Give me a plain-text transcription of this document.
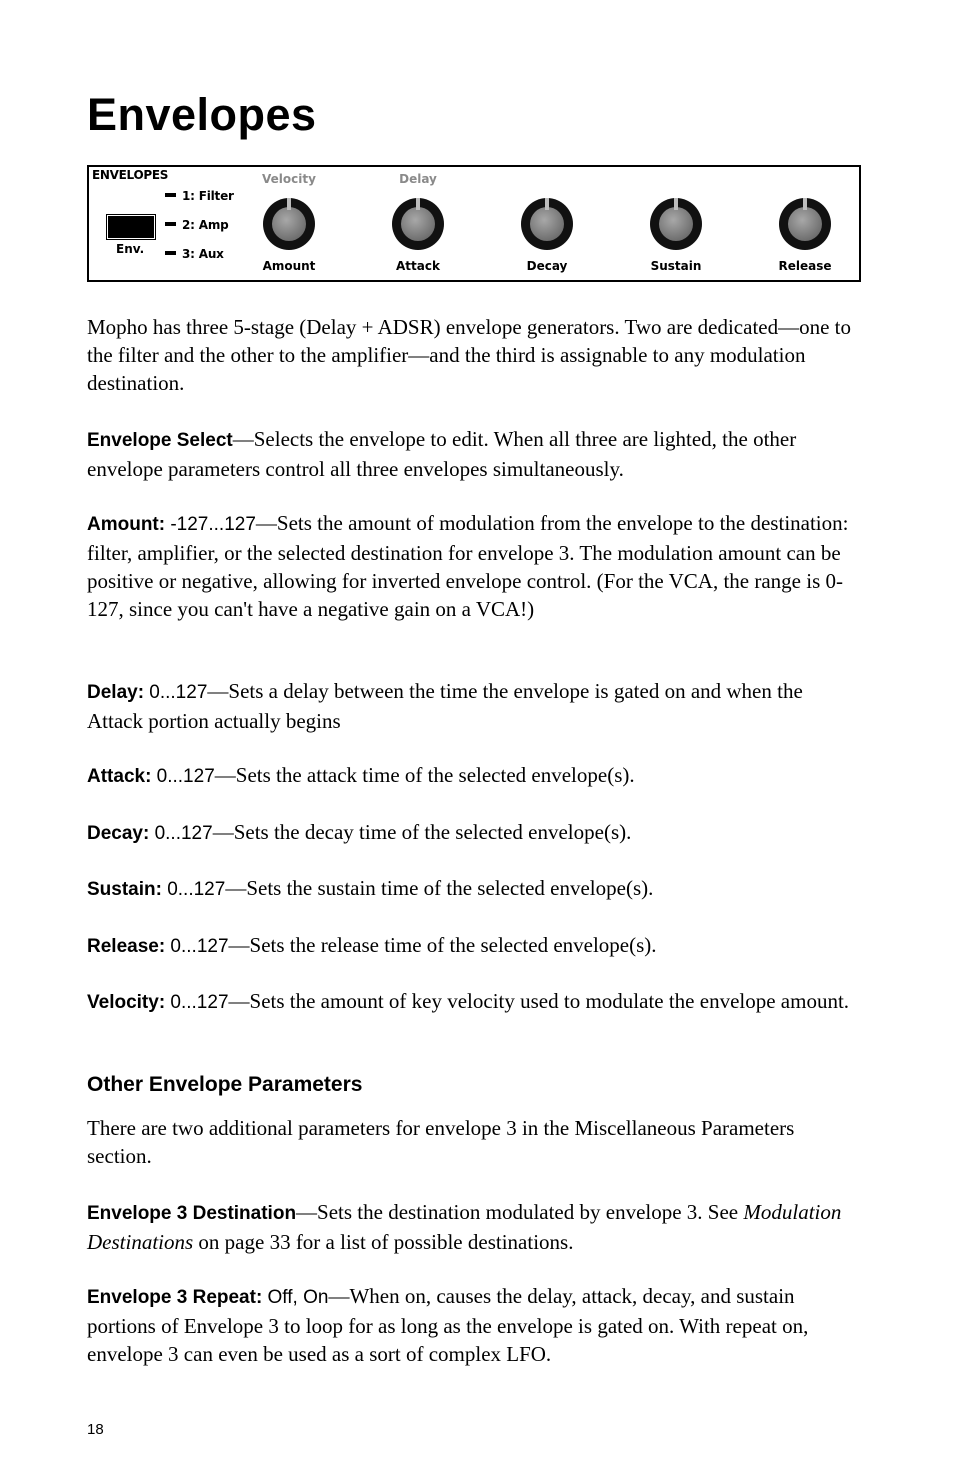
Envelopes
ENVELOPES
1: Filter
2: Amp
3: Aux
Env.
Velocity
Amount
Delay
Attack	Decay	Sustain	Release

Mopho has three 5-stage (Delay + ADSR) envelope generators. Two are dedicated—one to the filter and the other to the amplifier—and the third is assignable to any modulation destination.

Envelope Select—Selects the envelope to edit. When all three are lighted, the other envelope parameters control all three envelopes simultaneously.

Amount: -127...127—Sets the amount of modulation from the envelope to the destination: filter, amplifier, or the selected destination for envelope 3. The modulation amount can be positive or negative, allowing for inverted envelope control. (For the VCA, the range is 0-127, since you can't have a negative gain on a VCA!)

Delay: 0...127—Sets a delay between the time the envelope is gated on and when the Attack portion actually begins

Attack: 0...127—Sets the attack time of the selected envelope(s).

Decay: 0...127—Sets the decay time of the selected envelope(s).

Sustain: 0...127—Sets the sustain time of the selected envelope(s).

Release: 0...127—Sets the release time of the selected envelope(s).

Velocity: 0...127—Sets the amount of key velocity used to modulate the envelope amount.

Other Envelope Parameters

There are two additional parameters for envelope 3 in the Miscellaneous Parameters section.

Envelope 3 Destination—Sets the destination modulated by envelope 3. See Modulation Destinations on page 33 for a list of possible destinations.

Envelope 3 Repeat: Off, On—When on, causes the delay, attack, decay, and sustain portions of Envelope 3 to loop for as long as the envelope is gated on. With repeat on, envelope 3 can even be used as a sort of complex LFO.

18
